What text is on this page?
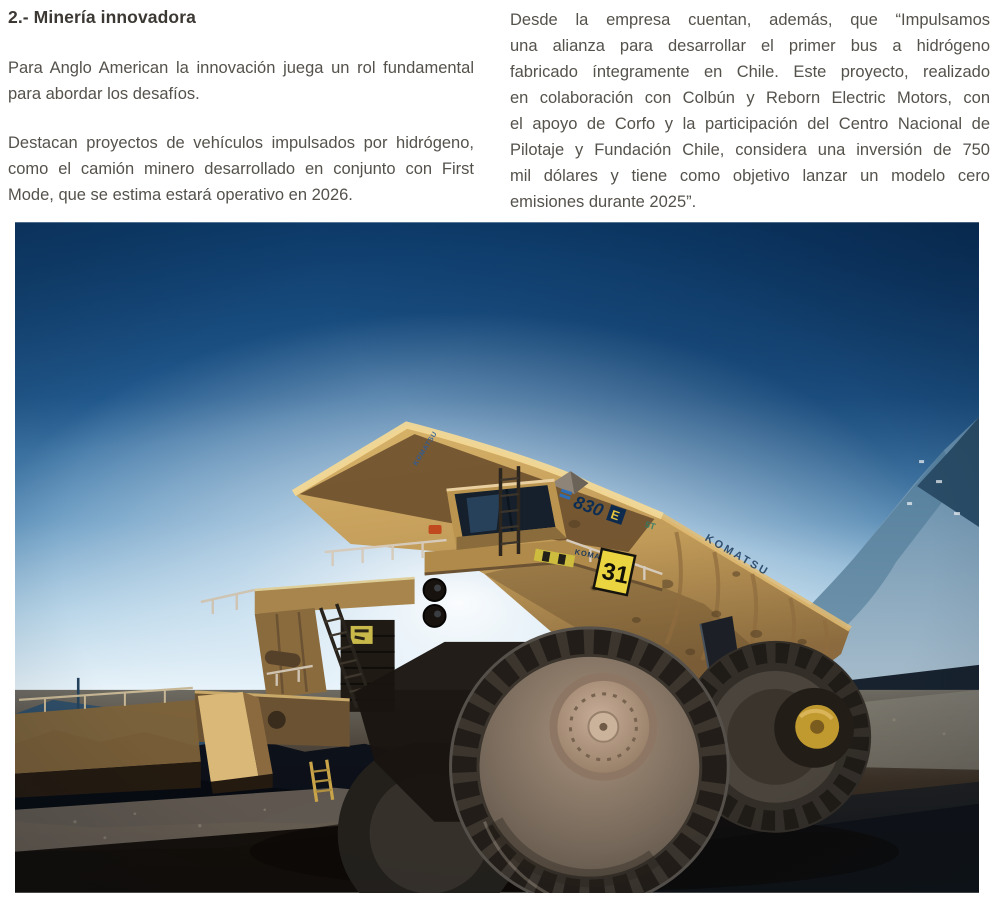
2.- Minería innovadora

Para Anglo American la innovación juega un rol fundamental
para abordar los desafíos.

Destacan proyectos de vehículos impulsados por hidrógeno,
como el camión minero desarrollado en conjunto con First
Mode, que se estima estará operativo en 2026.

Desde la empresa cuentan, además, que “Impulsamos
una alianza para desarrollar el primer bus a hidrógeno
fabricado íntegramente en Chile. Este proyecto, realizado
en colaboración con Colbún y Reborn Electric Motors, con
el apoyo de Corfo y la participación del Centro Nacional de
Pilotaje y Fundación Chile, considera una inversión de 750
mil dólares y tiene como objetivo lanzar un modelo cero
emisiones durante 2025”.
